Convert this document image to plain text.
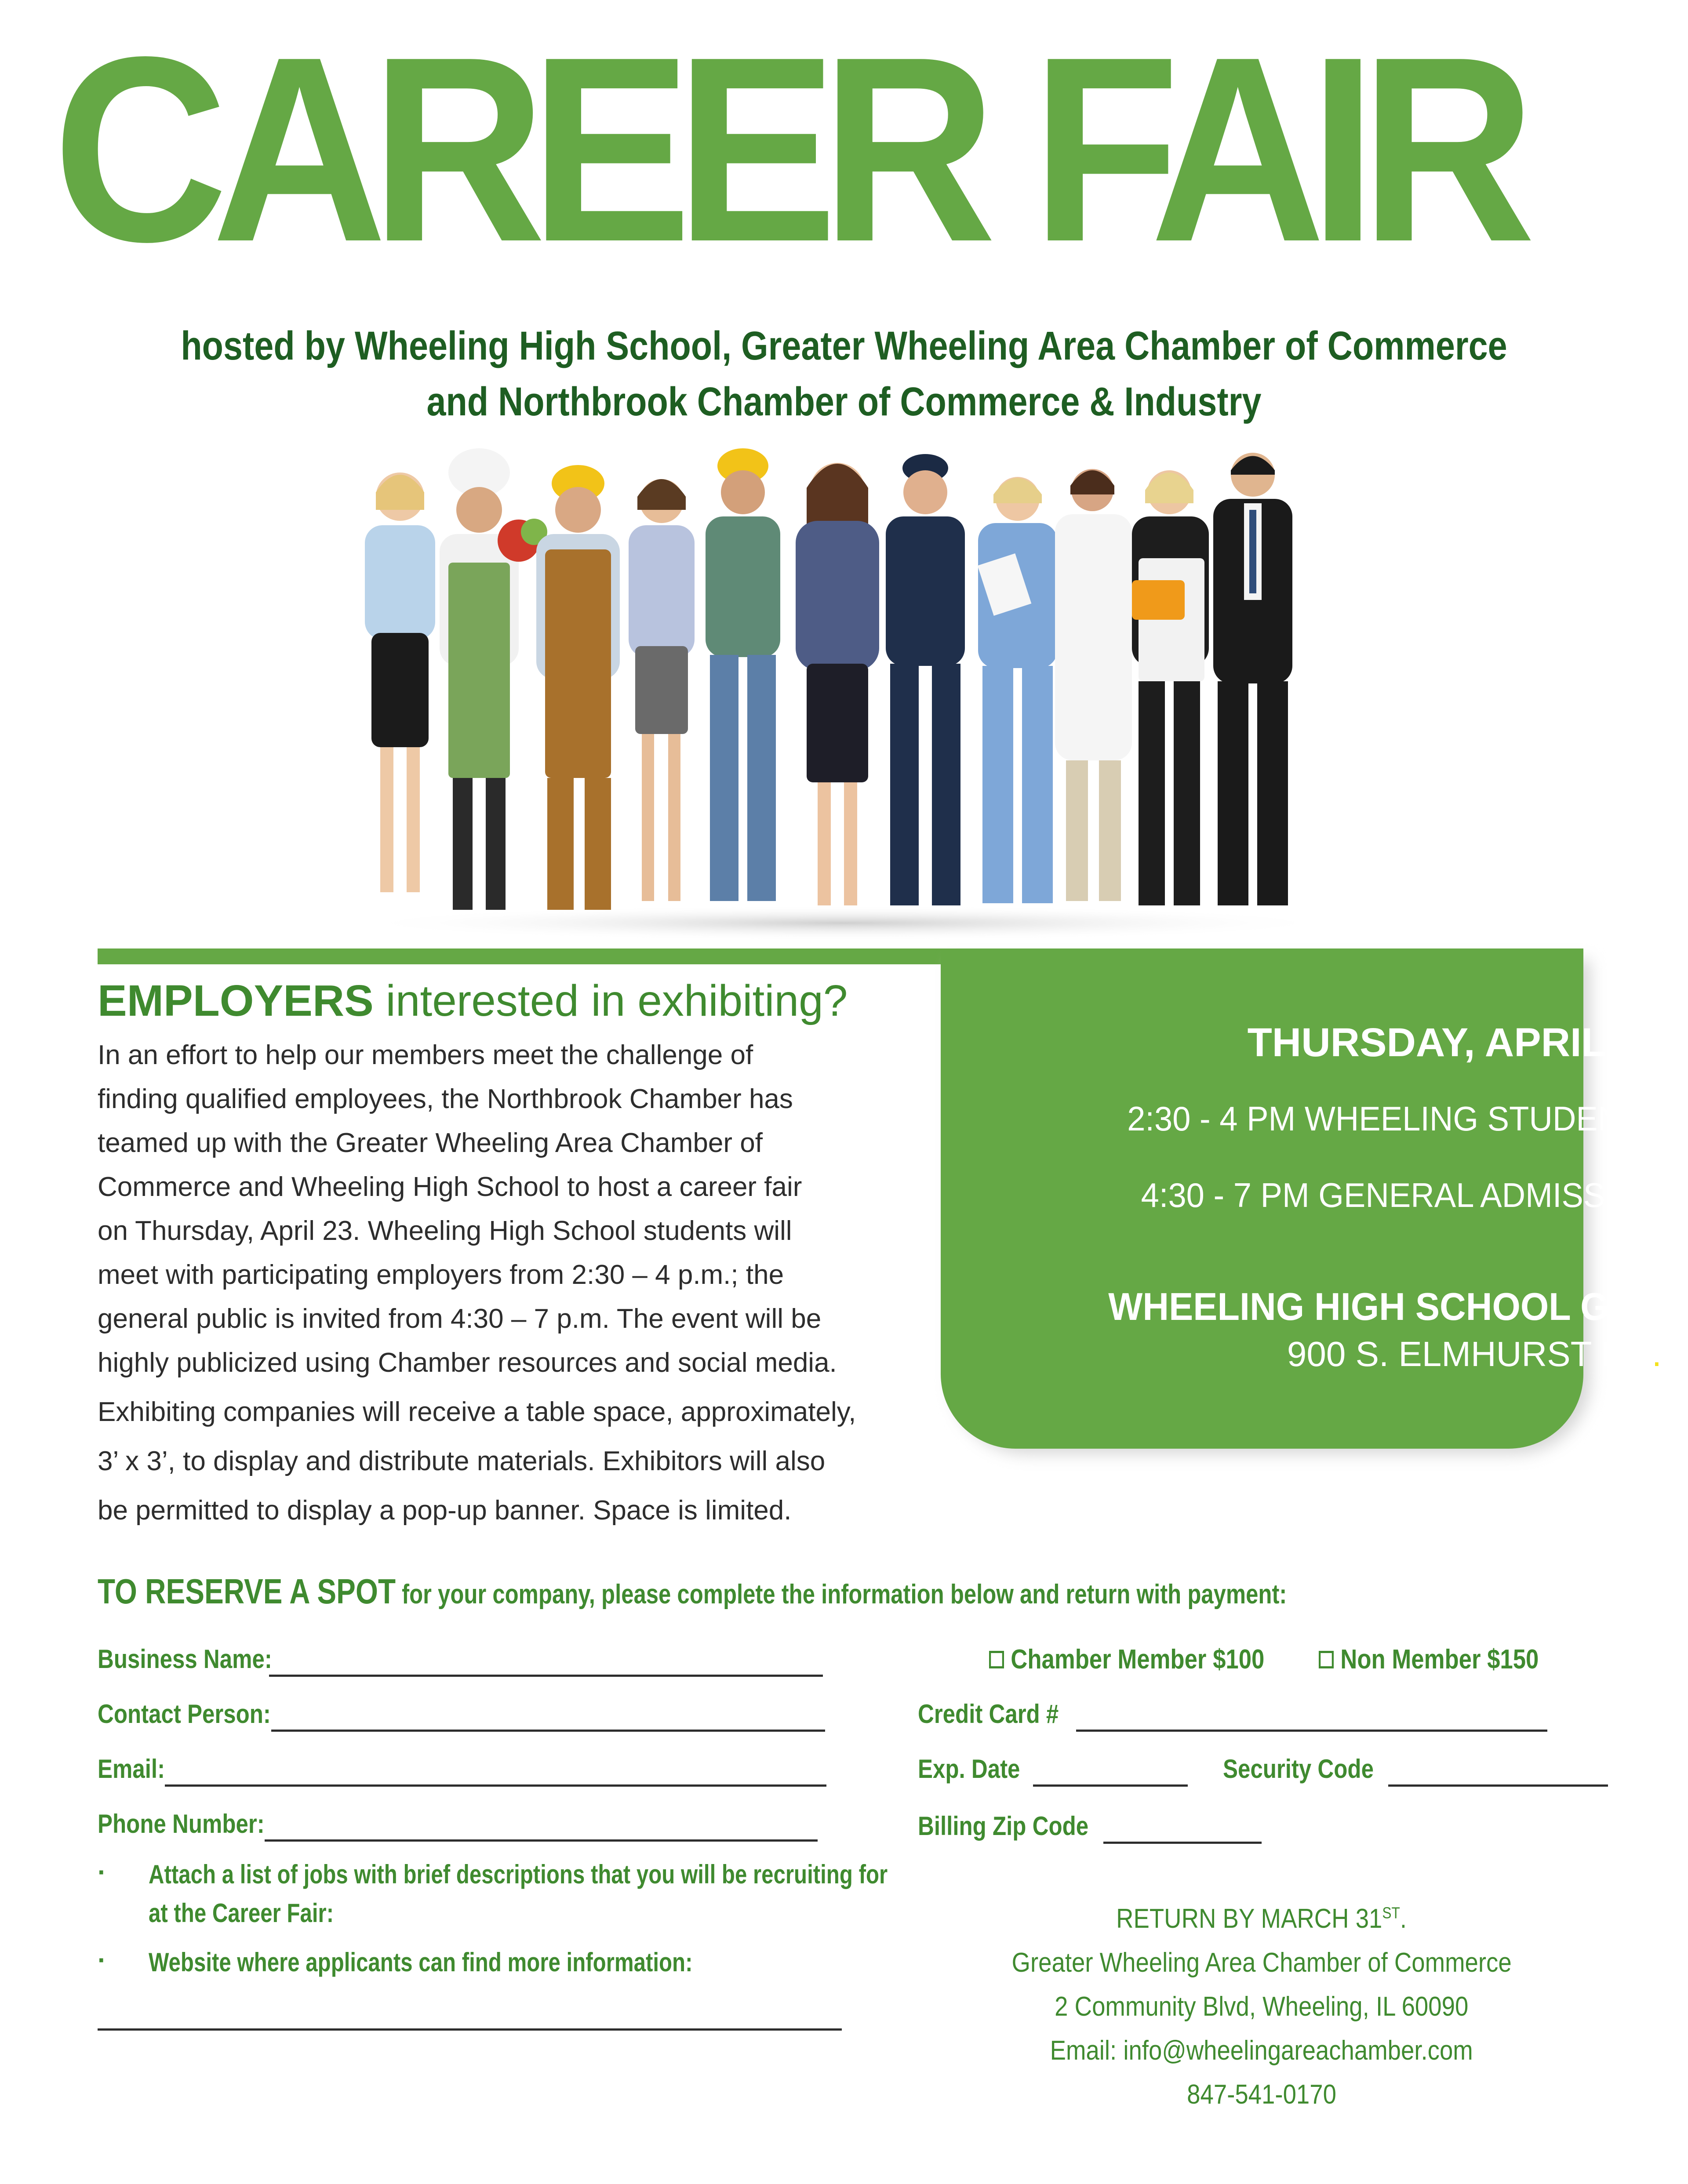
CAREER FAIR
hosted by Wheeling High School, Greater Wheeling Area Chamber of Commerce
and Northbrook Chamber of Commerce & Industry
THURSDAY, APRIL 23
2:30 - 4 PM WHEELING STUDENTS
4:30 - 7 PM GENERAL ADMISSION
AT
WHEELING HIGH SCHOOL GYM
900 S. ELMHURST RD.
EMPLOYERS interested in exhibiting?
In an effort to help our members meet the challenge of
finding qualified employees, the Northbrook Chamber has
teamed up with the Greater Wheeling Area Chamber of
Commerce and Wheeling High School to host a career fair
on Thursday, April 23. Wheeling High School students will
meet with participating employers from 2:30 – 4 p.m.; the
general public is invited from 4:30 – 7 p.m. The event will be
highly publicized using Chamber resources and social media.
Exhibiting companies will receive a table space, approximately,
3’ x 3’, to display and distribute materials. Exhibitors will also
be permitted to display a pop-up banner. Space is limited.
TO RESERVE A SPOT for your company, please complete the information below and return with payment:
Business Name:
Contact Person:
Email:
Phone Number:
· Attach a list of jobs with brief descriptions that you will be recruiting for
at the Career Fair:
· Website where applicants can find more information:
Chamber Member $100	Non Member $150
Credit Card #
Exp. Date	Security Code
Billing Zip Code
RETURN BY MARCH 31ST.
Greater Wheeling Area Chamber of Commerce
2 Community Blvd, Wheeling, IL 60090
Email: info@wheelingareachamber.com
847-541-0170
